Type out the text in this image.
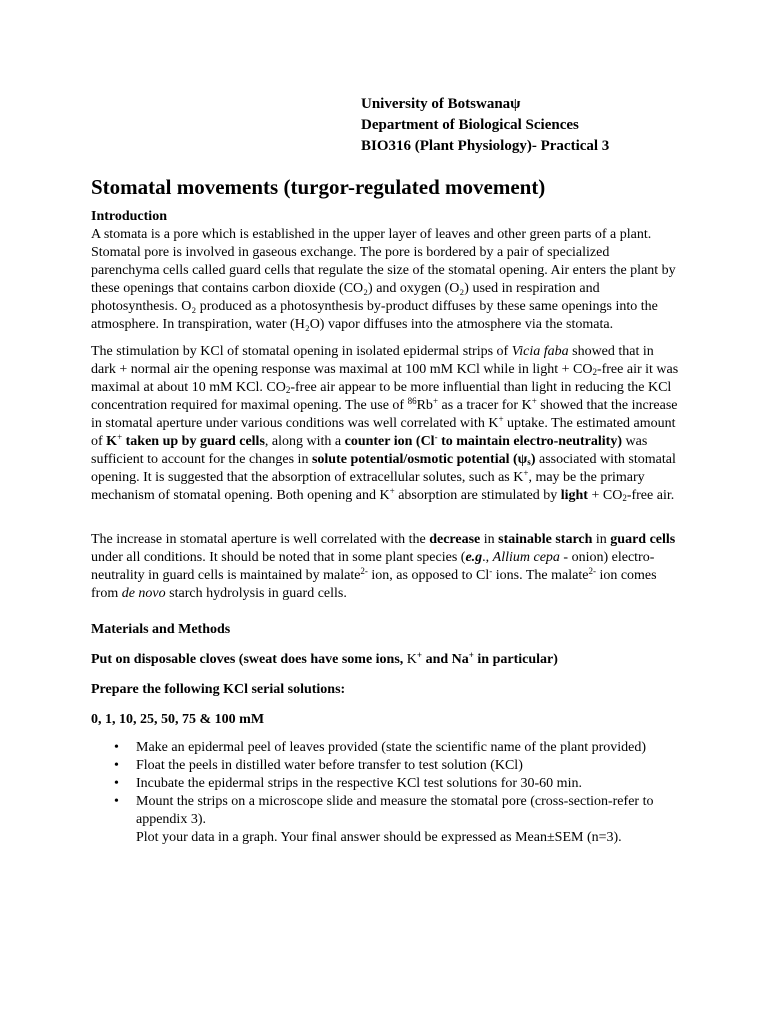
University of Botswanaψ
Department of Biological Sciences
BIO316 (Plant Physiology)- Practical 3
Stomatal movements (turgor-regulated movement)

Introduction

A stomata is a pore which is established in the upper layer of leaves and other green parts of a plant. Stomatal pore is involved in gaseous exchange. The pore is bordered by a pair of specialized parenchyma cells called guard cells that regulate the size of the stomatal opening. Air enters the plant by these openings that contains carbon dioxide (CO₂) and oxygen (O₂) used in respiration and photosynthesis. O₂ produced as a photosynthesis by-product diffuses by these same openings into the atmosphere. In transpiration, water (H₂O) vapor diffuses into the atmosphere via the stomata.

The stimulation by KCl of stomatal opening in isolated epidermal strips of Vicia faba showed that in dark + normal air the opening response was maximal at 100 mM KCl while in light + $CO_2$-free air it was maximal at about 10 mM KCl. $CO_2$-free air appear to be more influential than light in reducing the KCl concentration required for maximal opening. The use of $^{86}$Rb+ as a tracer for K+ showed that the increase in stomatal aperture under various conditions was well correlated with K+ uptake. The estimated amount of K+ taken up by guard cells, along with a counter ion (Cl- to maintain electro-neutrality) was sufficient to account for the changes in solute potential/osmotic potential $(\psi_s)$ associated with stomatal opening. It is suggested that the absorption of extracellular solutes, such as K+, may be the primary mechanism of stomatal opening. Both opening and K+ absorption are stimulated by light + $CO_2$-free air.

The increase in stomatal aperture is well correlated with the decrease in stainable starch in guard cells under all conditions. It should be noted that in some plant species (e.g., Allium cepa - onion) electro-neutrality in guard cells is maintained by malate$^{2-}$ ion, as opposed to Cl- ions. The malate$^{2-}$ ion comes from de novo starch hydrolysis in guard cells.

Materials and Methods

Put on disposable cloves (sweat does have some ions, K+ and Na+ in particular)

Prepare the following KCl serial solutions:

0, 1, 10, 25, 50, 75 & 100 mM

• Make an epidermal peel of leaves provided (state the scientific name of the plant provided)
• Float the peels in distilled water before transfer to test solution (KCl)
• Incubate the epidermal strips in the respective KCl test solutions for 30-60 min.
• Mount the strips on a microscope slide and measure the stomatal pore (cross-section-refer to appendix 3).

Plot your data in a graph. Your final answer should be expressed as Mean±SEM (n=3).
